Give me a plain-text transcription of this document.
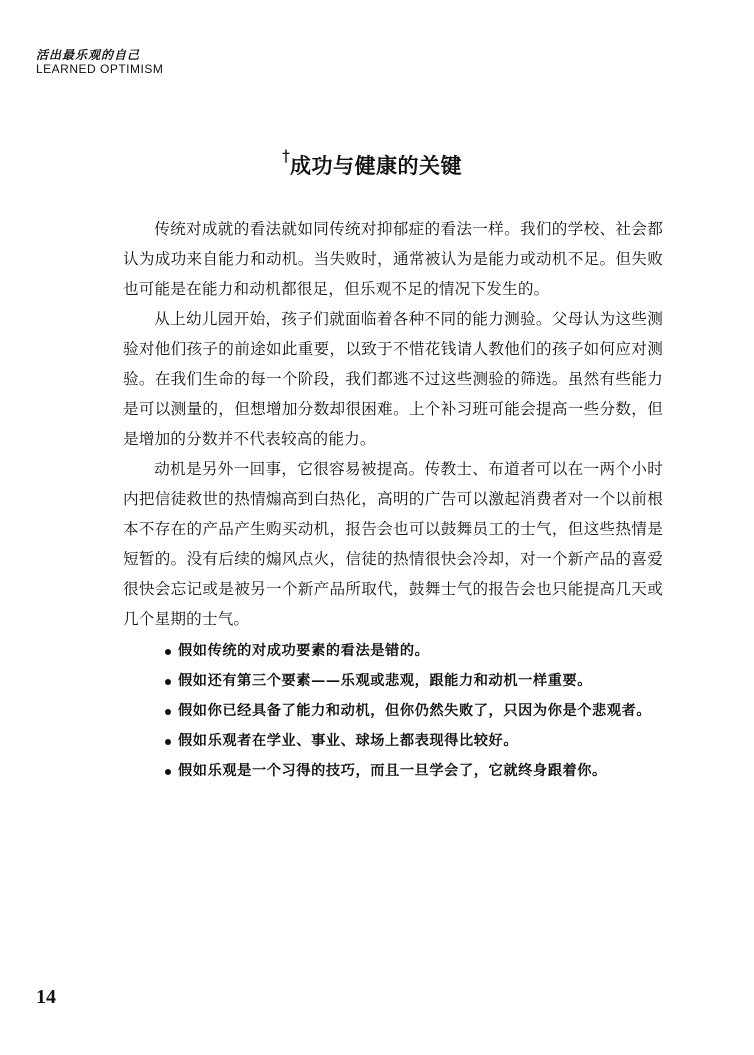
活出最乐观的自己
LEARNED OPTIMISM
† 成功与健康的关键

传统对成就的看法就如同传统对抑郁症的看法一样。我们的学校、社会都认为成功来自能力和动机。当失败时，通常被认为是能力或动机不足。但失败也可能是在能力和动机都很足，但乐观不足的情况下发生的。

从上幼儿园开始，孩子们就面临着各种不同的能力测验。父母认为这些测验对他们孩子的前途如此重要，以致于不惜花钱请人教他们的孩子如何应对测验。在我们生命的每一个阶段，我们都逃不过这些测验的筛选。虽然有些能力是可以测量的，但想增加分数却很困难。上个补习班可能会提高一些分数，但是增加的分数并不代表较高的能力。

动机是另外一回事，它很容易被提高。传教士、布道者可以在一两个小时内把信徒救世的热情煽高到白热化，高明的广告可以激起消费者对一个以前根本不存在的产品产生购买动机，报告会也可以鼓舞员工的士气，但这些热情是短暂的。没有后续的煽风点火，信徒的热情很快会冷却，对一个新产品的喜爱很快会忘记或是被另一个新产品所取代，鼓舞士气的报告会也只能提高几天或几个星期的士气。

假如传统的对成功要素的看法是错的。
假如还有第三个要素——乐观或悲观，跟能力和动机一样重要。
假如你已经具备了能力和动机，但你仍然失败了，只因为你是个悲观者。
假如乐观者在学业、事业、球场上都表现得比较好。
假如乐观是一个习得的技巧，而且一旦学会了，它就终身跟着你。
14
